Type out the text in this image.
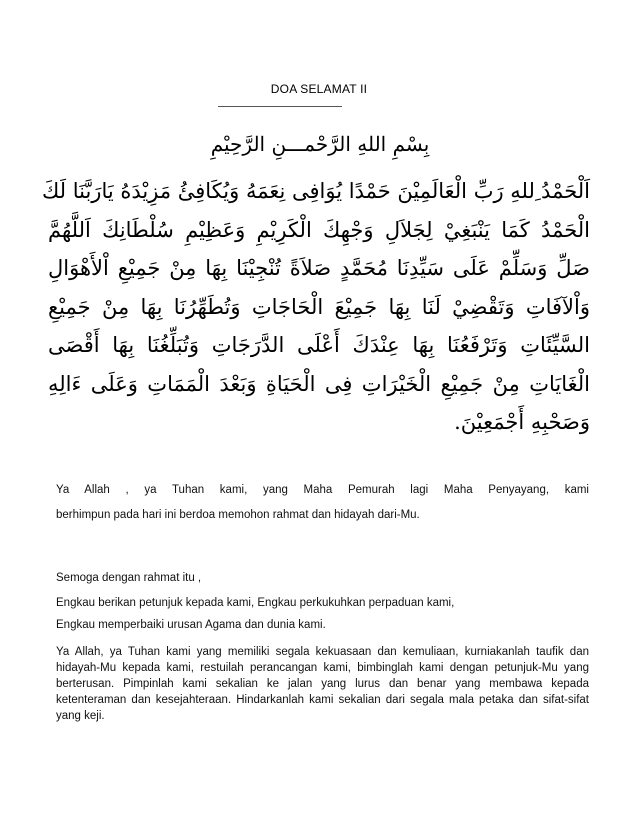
DOA SELAMAT II
بِسْمِ اللهِ الرَّحْمـــنِ الرَّحِيْمِ
اَلْحَمْدُ ِللهِ رَبِّ الْعَالَمِيْنَ حَمْدًا يُوَافِى نِعَمَهُ وَيُكَافِئُ مَزِيْدَهُ يَارَبَّنَا لَكَ
الْحَمْدُ كَمَا يَنْبَغِيْ لِجَلاَلِ وَجْهِكَ الْكَرِيْمِ وَعَظِيْمِ سُلْطَانِكَ اَللَّهُمَّ
صَلِّ وَسَلِّمْ عَلَى سَيِّدِنَا مُحَمَّدٍ صَلاَةً تُنْجِيْنَا بِهَا مِنْ جَمِيْعِ اْلأَهْوَالِ
وَاْلآفَاتِ وَتَقْضِيْ لَنَا بِهَا جَمِيْعَ الْحَاجَاتِ وَتُطَهِّرُنَا بِهَا مِنْ جَمِيْعِ
السَّيِّئَاتِ وَتَرْفَعُنَا بِهَا عِنْدَكَ أَعْلَى الدَّرَجَاتِ وَتُبَلِّغُنَا بِهَا أَقْصَى
الْغَايَاتِ مِنْ جَمِيْعِ الْخَيْرَاتِ فِى الْحَيَاةِ وَبَعْدَ الْمَمَاتِ وَعَلَى ءَالِهِ
وَصَحْبِهِ أَجْمَعِيْنَ.
Ya Allah , ya Tuhan kami, yang Maha Pemurah lagi Maha Penyayang, kami
berhimpun pada hari ini berdoa memohon rahmat dan hidayah dari-Mu.
Semoga dengan rahmat itu ,
Engkau berikan petunjuk kepada kami, Engkau perkukuhkan perpaduan kami,
Engkau memperbaiki urusan Agama dan dunia kami.

Ya Allah, ya Tuhan kami yang memiliki segala kekuasaan dan kemuliaan, kurniakanlah taufik dan hidayah-Mu kepada kami, restuilah perancangan kami, bimbinglah kami dengan petunjuk-Mu yang berterusan. Pimpinlah kami sekalian ke jalan yang lurus dan benar yang membawa kepada ketenteraman dan kesejahteraan. Hindarkanlah kami sekalian dari segala mala petaka dan sifat-sifat yang keji.
